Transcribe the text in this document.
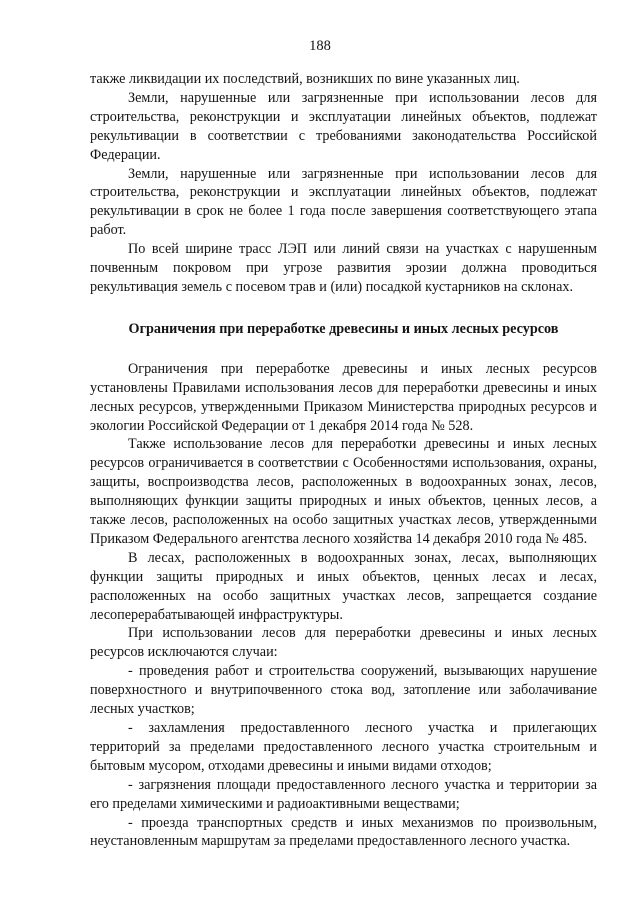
188

также ликвидации их последствий, возникших по вине указанных лиц.

Земли, нарушенные или загрязненные при использовании лесов для строительства, реконструкции и эксплуатации линейных объектов, подлежат рекультивации в соответствии с требованиями законодательства Российской Федерации.

Земли, нарушенные или загрязненные при использовании лесов для строительства, реконструкции и эксплуатации линейных объектов, подлежат рекультивации в срок не более 1 года после завершения соответствующего этапа работ.

По всей ширине трасс ЛЭП или линий связи на участках с нарушенным почвенным покровом при угрозе развития эрозии должна проводиться рекультивация земель с посевом трав и (или) посадкой кустарников на склонах.

Ограничения при переработке древесины и иных лесных ресурсов

Ограничения при переработке древесины и иных лесных ресурсов установлены Правилами использования лесов для переработки древесины и иных лесных ресурсов, утвержденными Приказом Министерства природных ресурсов и экологии Российской Федерации от 1 декабря 2014 года № 528.

Также использование лесов для переработки древесины и иных лесных ресурсов ограничивается в соответствии с Особенностями использования, охраны, защиты, воспроизводства лесов, расположенных в водоохранных зонах, лесов, выполняющих функции защиты природных и иных объектов, ценных лесов, а также лесов, расположенных на особо защитных участках лесов, утвержденными Приказом Федерального агентства лесного хозяйства 14 декабря 2010 года № 485.

В лесах, расположенных в водоохранных зонах, лесах, выполняющих функции защиты природных и иных объектов, ценных лесах и лесах, расположенных на особо защитных участках лесов, запрещается создание лесоперерабатывающей инфраструктуры.

При использовании лесов для переработки древесины и иных лесных ресурсов исключаются случаи:

- проведения работ и строительства сооружений, вызывающих нарушение поверхностного и внутрипочвенного стока вод, затопление или заболачивание лесных участков;

- захламления предоставленного лесного участка и прилегающих территорий за пределами предоставленного лесного участка строительным и бытовым мусором, отходами древесины и иными видами отходов;

- загрязнения площади предоставленного лесного участка и территории за его пределами химическими и радиоактивными веществами;

- проезда транспортных средств и иных механизмов по произвольным, неустановленным маршрутам за пределами предоставленного лесного участка.
